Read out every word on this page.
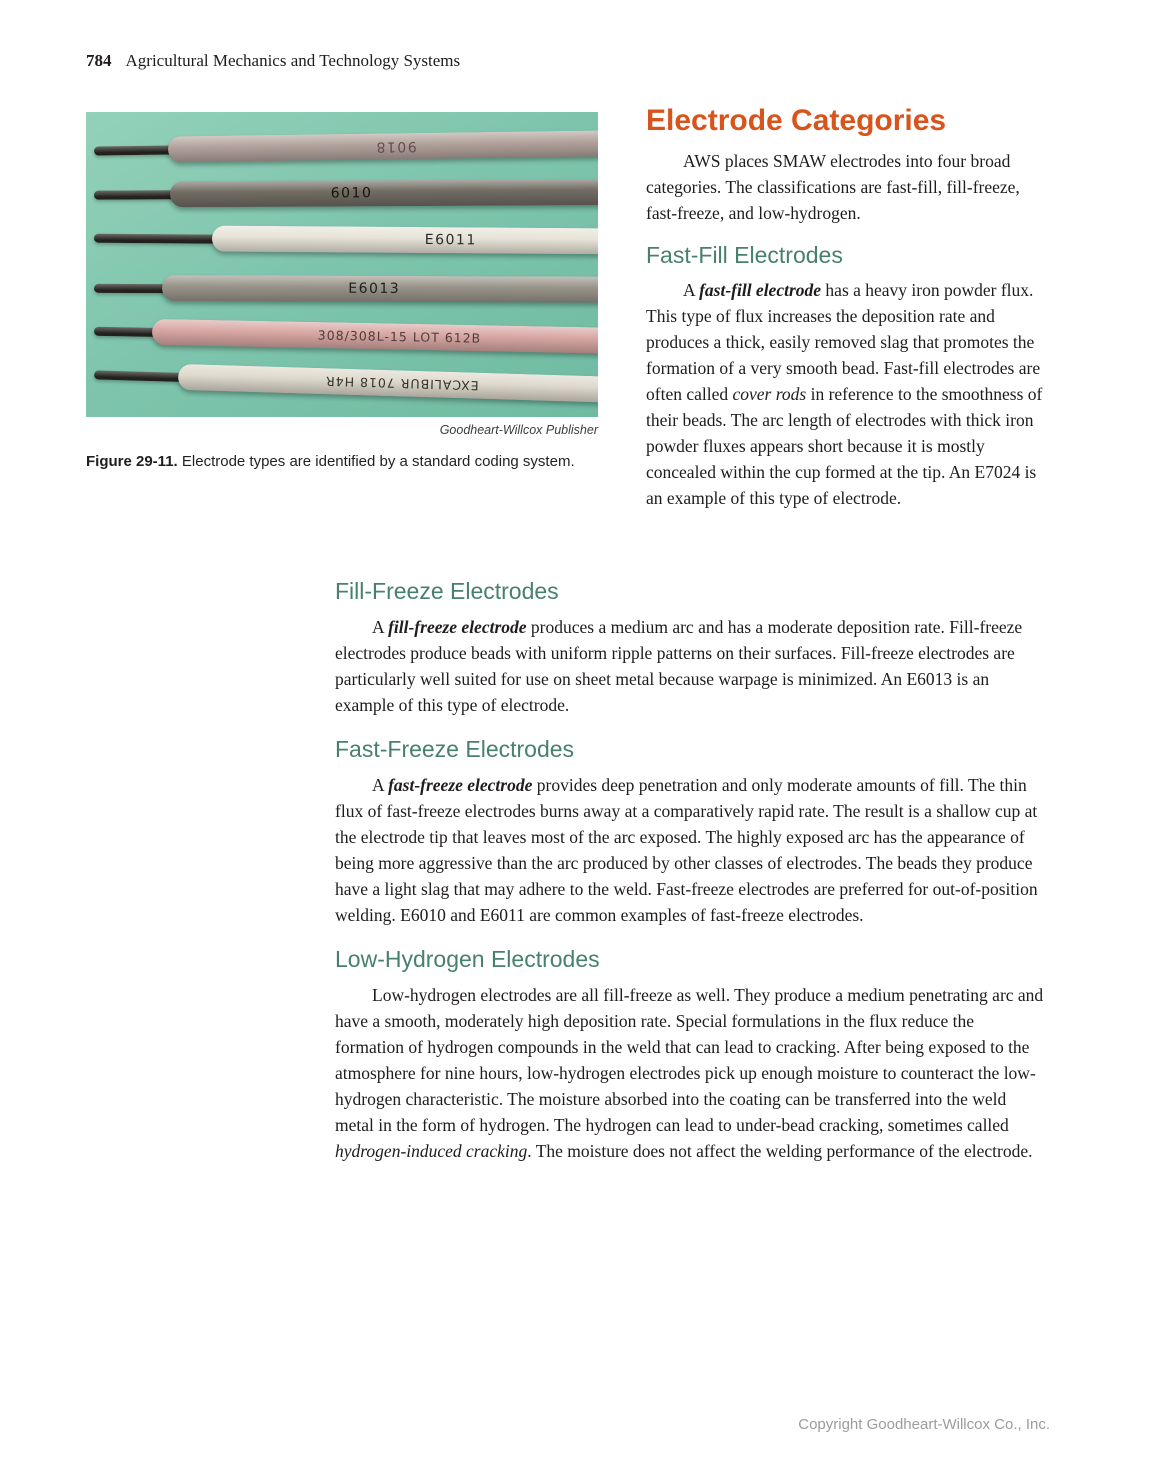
784 Agricultural Mechanics and Technology Systems
9018
6010
E6011
E6013
308/308L-15 LOT 612B
EXCALIBUR 7018 H4R
Goodheart-Willcox Publisher
Figure 29-11. Electrode types are identified by a standard coding system.
Electrode Categories

AWS places SMAW electrodes into four broad categories. The classifications are fast-fill, fill-freeze, fast-freeze, and low-hydrogen.

Fast-Fill Electrodes

A fast-fill electrode has a heavy iron powder flux. This type of flux increases the deposition rate and produces a thick, easily removed slag that promotes the formation of a very smooth bead. Fast-fill electrodes are often called cover rods in reference to the smoothness of their beads. The arc length of electrodes with thick iron powder fluxes appears short because it is mostly concealed within the cup formed at the tip. An E7024 is an example of this type of electrode.

Fill-Freeze Electrodes

A fill-freeze electrode produces a medium arc and has a moderate deposition rate. Fill-freeze electrodes produce beads with uniform ripple patterns on their surfaces. Fill-freeze electrodes are particularly well suited for use on sheet metal because warpage is minimized. An E6013 is an example of this type of electrode.

Fast-Freeze Electrodes

A fast-freeze electrode provides deep penetration and only moderate amounts of fill. The thin flux of fast-freeze electrodes burns away at a comparatively rapid rate. The result is a shallow cup at the electrode tip that leaves most of the arc exposed. The highly exposed arc has the appearance of being more aggressive than the arc produced by other classes of electrodes. The beads they produce have a light slag that may adhere to the weld. Fast-freeze electrodes are preferred for out-of-position welding. E6010 and E6011 are common examples of fast-freeze electrodes.

Low-Hydrogen Electrodes

Low-hydrogen electrodes are all fill-freeze as well. They produce a medium penetrating arc and have a smooth, moderately high deposition rate. Special formulations in the flux reduce the formation of hydrogen compounds in the weld that can lead to cracking. After being exposed to the atmosphere for nine hours, low-hydrogen electrodes pick up enough moisture to counteract the low-hydrogen characteristic. The moisture absorbed into the coating can be transferred into the weld metal in the form of hydrogen. The hydrogen can lead to under-bead cracking, sometimes called hydrogen-induced cracking. The moisture does not affect the welding performance of the electrode.

Copyright Goodheart-Willcox Co., Inc.
